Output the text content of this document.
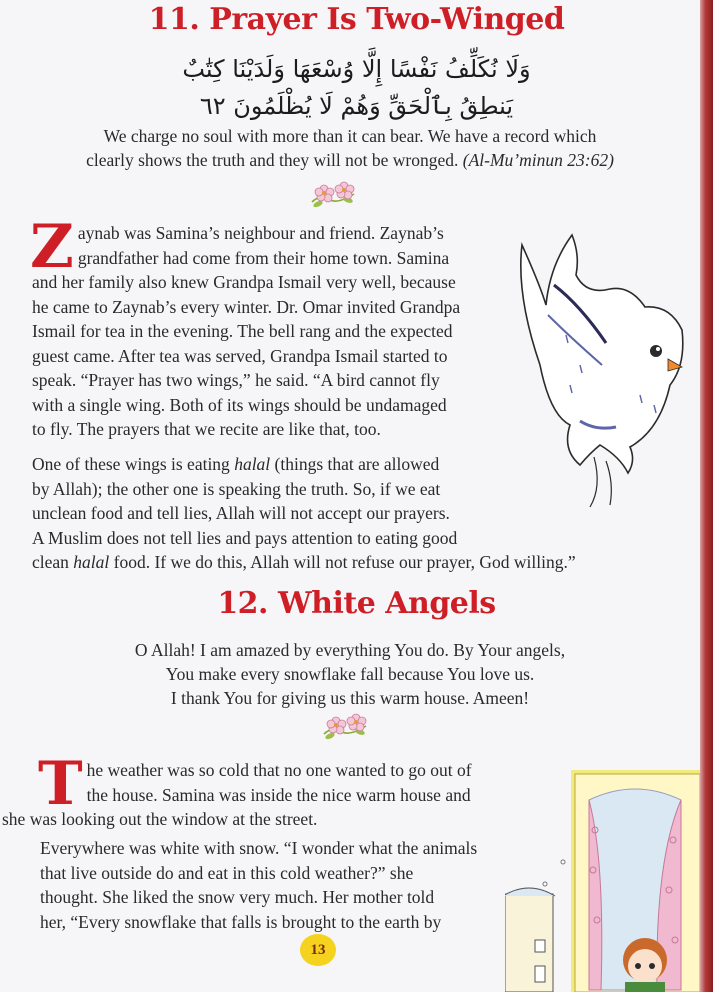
11. Prayer Is Two-Winged
وَلَا نُكَلِّفُ نَفْسًا إِلَّا وُسْعَهَا وَلَدَيْنَا كِتَٰبٌ
يَنطِقُ بِٱلْحَقِّ وَهُمْ لَا يُظْلَمُونَ ٦٢
We charge no soul with more than it can bear. We have a record which
clearly shows the truth and they will not be wronged. (Al-Mu’minun 23:62)
Z aynab was Samina’s neighbour and friend. Zaynab’s
grandfather had come from their home town. Samina
and her family also knew Grandpa Ismail very well, because
he came to Zaynab’s every winter. Dr. Omar invited Grandpa
Ismail for tea in the evening. The bell rang and the expected
guest came. After tea was served, Grandpa Ismail started to
speak. “Prayer has two wings,” he said. “A bird cannot fly
with a single wing. Both of its wings should be undamaged
to fly. The prayers that we recite are like that, too.
One of these wings is eating halal (things that are allowed
by Allah); the other one is speaking the truth. So, if we eat
unclean food and tell lies, Allah will not accept our prayers.
A Muslim does not tell lies and pays attention to eating good
clean halal food. If we do this, Allah will not refuse our prayer, God willing.”
12. White Angels
O Allah! I am amazed by everything You do. By Your angels,
You make every snowflake fall because You love us.
I thank You for giving us this warm house. Ameen!
T he weather was so cold that no one wanted to go out of
the house. Samina was inside the nice warm house and
she was looking out the window at the street.
Everywhere was white with snow. “I wonder what the animals
that live outside do and eat in this cold weather?” she
thought. She liked the snow very much. Her mother told
her, “Every snowflake that falls is brought to the earth by
13
